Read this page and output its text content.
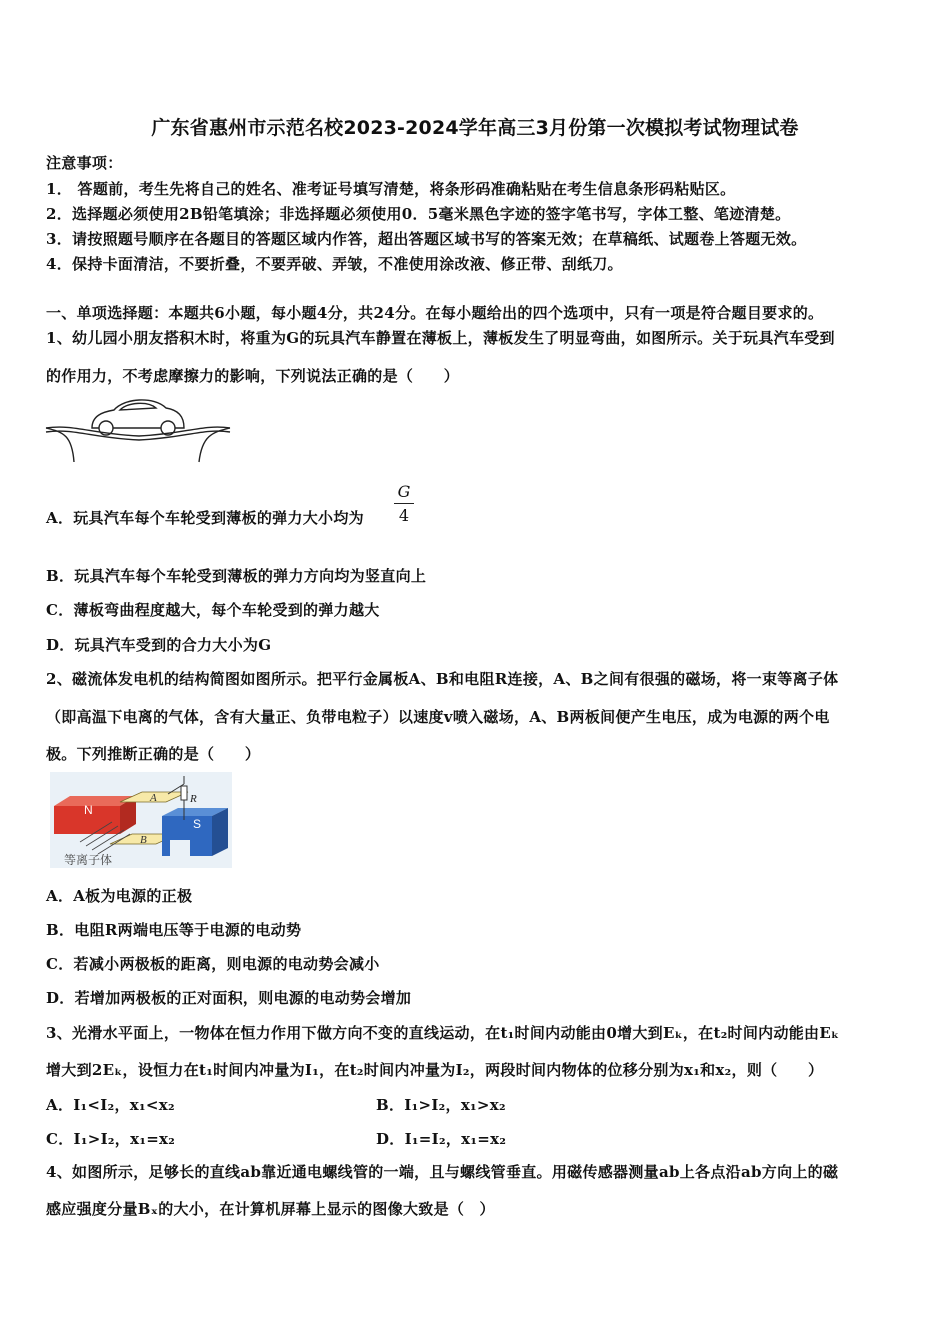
广东省惠州市示范名校2023-2024学年高三3月份第一次模拟考试物理试卷
注意事项：
1． 答题前，考生先将自己的姓名、准考证号填写清楚，将条形码准确粘贴在考生信息条形码粘贴区。
2．选择题必须使用2B铅笔填涂；非选择题必须使用0．5毫米黑色字迹的签字笔书写，字体工整、笔迹清楚。
3．请按照题号顺序在各题目的答题区域内作答，超出答题区域书写的答案无效；在草稿纸、试题卷上答题无效。
4．保持卡面清洁，不要折叠，不要弄破、弄皱，不准使用涂改液、修正带、刮纸刀。
一、单项选择题：本题共6小题，每小题4分，共24分。在每小题给出的四个选项中，只有一项是符合题目要求的。
1、幼儿园小朋友搭积木时，将重为G的玩具汽车静置在薄板上，薄板发生了明显弯曲，如图所示。关于玩具汽车受到
的作用力，不考虑摩擦力的影响，下列说法正确的是（　　）
A．玩具汽车每个车轮受到薄板的弹力大小均为
G
4
B．玩具汽车每个车轮受到薄板的弹力方向均为竖直向上
C．薄板弯曲程度越大，每个车轮受到的弹力越大
D．玩具汽车受到的合力大小为G
2、磁流体发电机的结构简图如图所示。把平行金属板A、B和电阻R连接，A、B之间有很强的磁场，将一束等离子体
（即高温下电离的气体，含有大量正、负带电粒子）以速度v喷入磁场，A、B两板间便产生电压，成为电源的两个电
极。下列推断正确的是（　　）
N
A
B
S
R
等离子体
A．A板为电源的正极
B．电阻R两端电压等于电源的电动势
C．若减小两极板的距离，则电源的电动势会减小
D．若增加两极板的正对面积，则电源的电动势会增加
3、光滑水平面上，一物体在恒力作用下做方向不变的直线运动，在t₁时间内动能由0增大到Eₖ，在t₂时间内动能由Eₖ
增大到2Eₖ，设恒力在t₁时间内冲量为I₁，在t₂时间内冲量为I₂，两段时间内物体的位移分别为x₁和x₂，则（　　）
A．I₁<I₂，x₁<x₂	B．I₁>I₂，x₁>x₂
C．I₁>I₂，x₁=x₂	D．I₁=I₂，x₁=x₂
4、如图所示，足够长的直线ab靠近通电螺线管的一端，且与螺线管垂直。用磁传感器测量ab上各点沿ab方向上的磁
感应强度分量Bₓ的大小，在计算机屏幕上显示的图像大致是（　）
